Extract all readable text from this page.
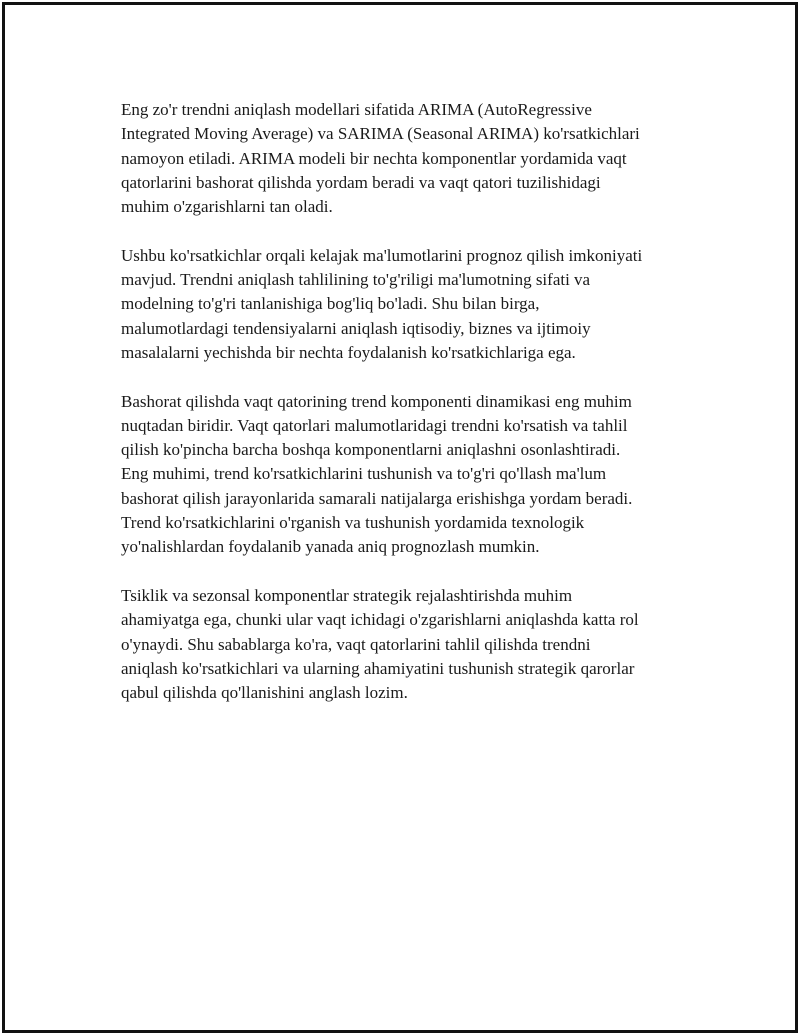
Eng zo'r trendni aniqlash modellari sifatida ARIMA (AutoRegressive
Integrated Moving Average) va SARIMA (Seasonal ARIMA) ko'rsatkichlari
namoyon etiladi. ARIMA modeli bir nechta komponentlar yordamida vaqt
qatorlarini bashorat qilishda yordam beradi va vaqt qatori tuzilishidagi
muhim o'zgarishlarni tan oladi.

Ushbu ko'rsatkichlar orqali kelajak ma'lumotlarini prognoz qilish imkoniyati
mavjud. Trendni aniqlash tahlilining to'g'riligi ma'lumotning sifati va
modelning to'g'ri tanlanishiga bog'liq bo'ladi. Shu bilan birga,
malumotlardagi tendensiyalarni aniqlash iqtisodiy, biznes va ijtimoiy
masalalarni yechishda bir nechta foydalanish ko'rsatkichlariga ega.

Bashorat qilishda vaqt qatorining trend komponenti dinamikasi eng muhim
nuqtadan biridir. Vaqt qatorlari malumotlaridagi trendni ko'rsatish va tahlil
qilish ko'pincha barcha boshqa komponentlarni aniqlashni osonlashtiradi.
Eng muhimi, trend ko'rsatkichlarini tushunish va to'g'ri qo'llash ma'lum
bashorat qilish jarayonlarida samarali natijalarga erishishga yordam beradi.
Trend ko'rsatkichlarini o'rganish va tushunish yordamida texnologik
yo'nalishlardan foydalanib yanada aniq prognozlash mumkin.

Tsiklik va sezonsal komponentlar strategik rejalashtirishda muhim
ahamiyatga ega, chunki ular vaqt ichidagi o'zgarishlarni aniqlashda katta rol
o'ynaydi. Shu sabablarga ko'ra, vaqt qatorlarini tahlil qilishda trendni
aniqlash ko'rsatkichlari va ularning ahamiyatini tushunish strategik qarorlar
qabul qilishda qo'llanishini anglash lozim.
